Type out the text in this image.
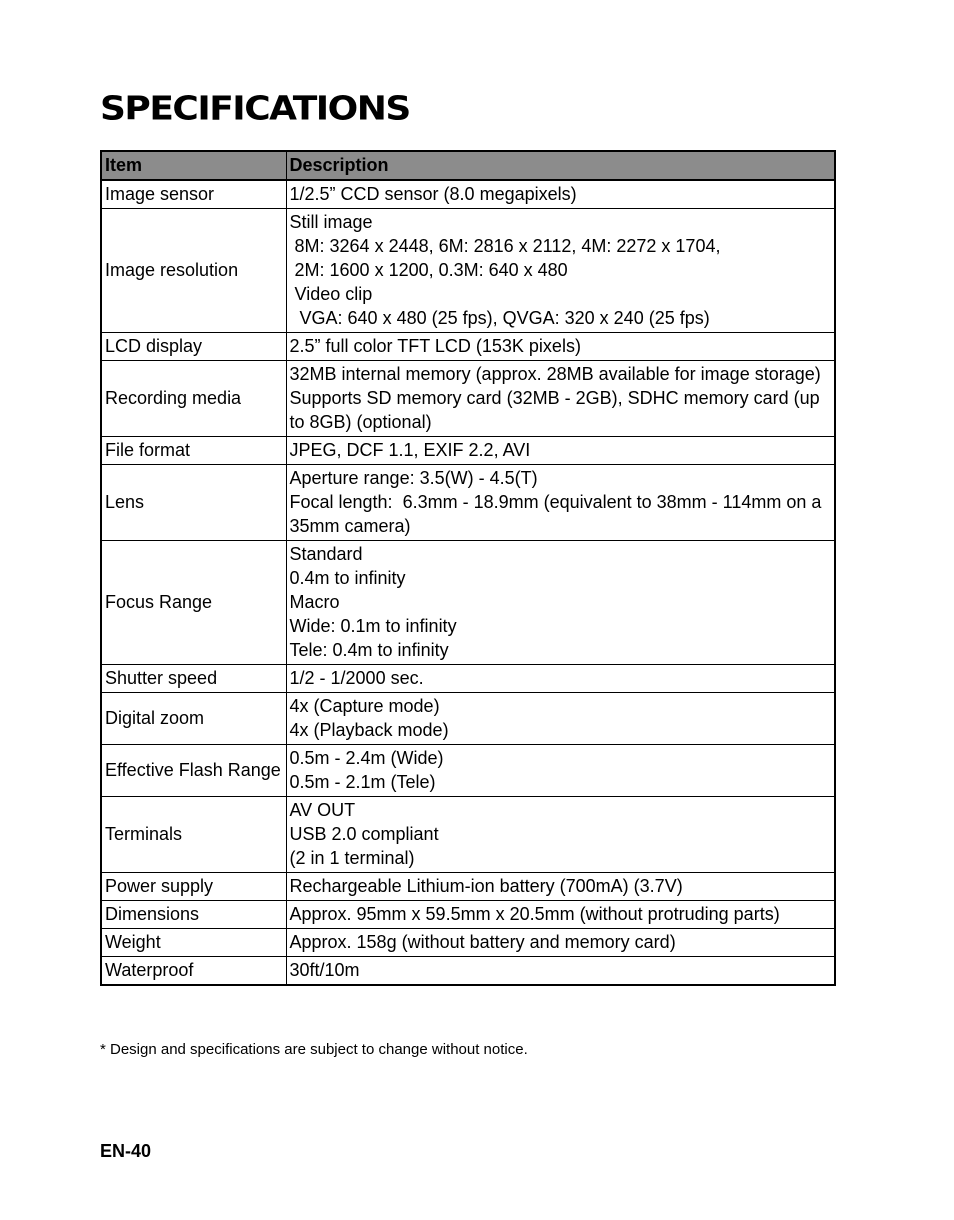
SPECIFICATIONS
Item	Description
Image sensor	1/2.5” CCD sensor (8.0 megapixels)

Image resolution	Still image
8M: 3264 x 2448, 6M: 2816 x 2112, 4M: 2272 x 1704,
2M: 1600 x 1200, 0.3M: 640 x 480
Video clip
VGA: 640 x 480 (25 fps), QVGA: 320 x 240 (25 fps)

LCD display	2.5” full color TFT LCD (153K pixels)

Recording media	32MB internal memory (approx. 28MB available for image storage)
Supports SD memory card (32MB - 2GB), SDHC memory card (up to 8GB) (optional)

File format	JPEG, DCF 1.1, EXIF 2.2, AVI

Lens	Aperture range: 3.5(W) - 4.5(T)
Focal length:  6.3mm - 18.9mm (equivalent to 38mm - 114mm on a  35mm camera)

Focus Range	Standard
0.4m to infinity
Macro
Wide: 0.1m to infinity
Tele: 0.4m to infinity

Shutter speed	1/2 - 1/2000 sec.

Digital zoom	4x (Capture mode)
4x (Playback mode)

Effective Flash Range	0.5m - 2.4m (Wide)
0.5m - 2.1m (Tele)

Terminals	AV OUT
USB 2.0 compliant
(2 in 1 terminal)

Power supply	Rechargeable Lithium-ion battery (700mA) (3.7V)

Dimensions	Approx. 95mm x 59.5mm x 20.5mm (without protruding parts)

Weight	Approx. 158g (without battery and memory card)

Waterproof	30ft/10m

* Design and specifications are subject to change without notice.

EN-40
